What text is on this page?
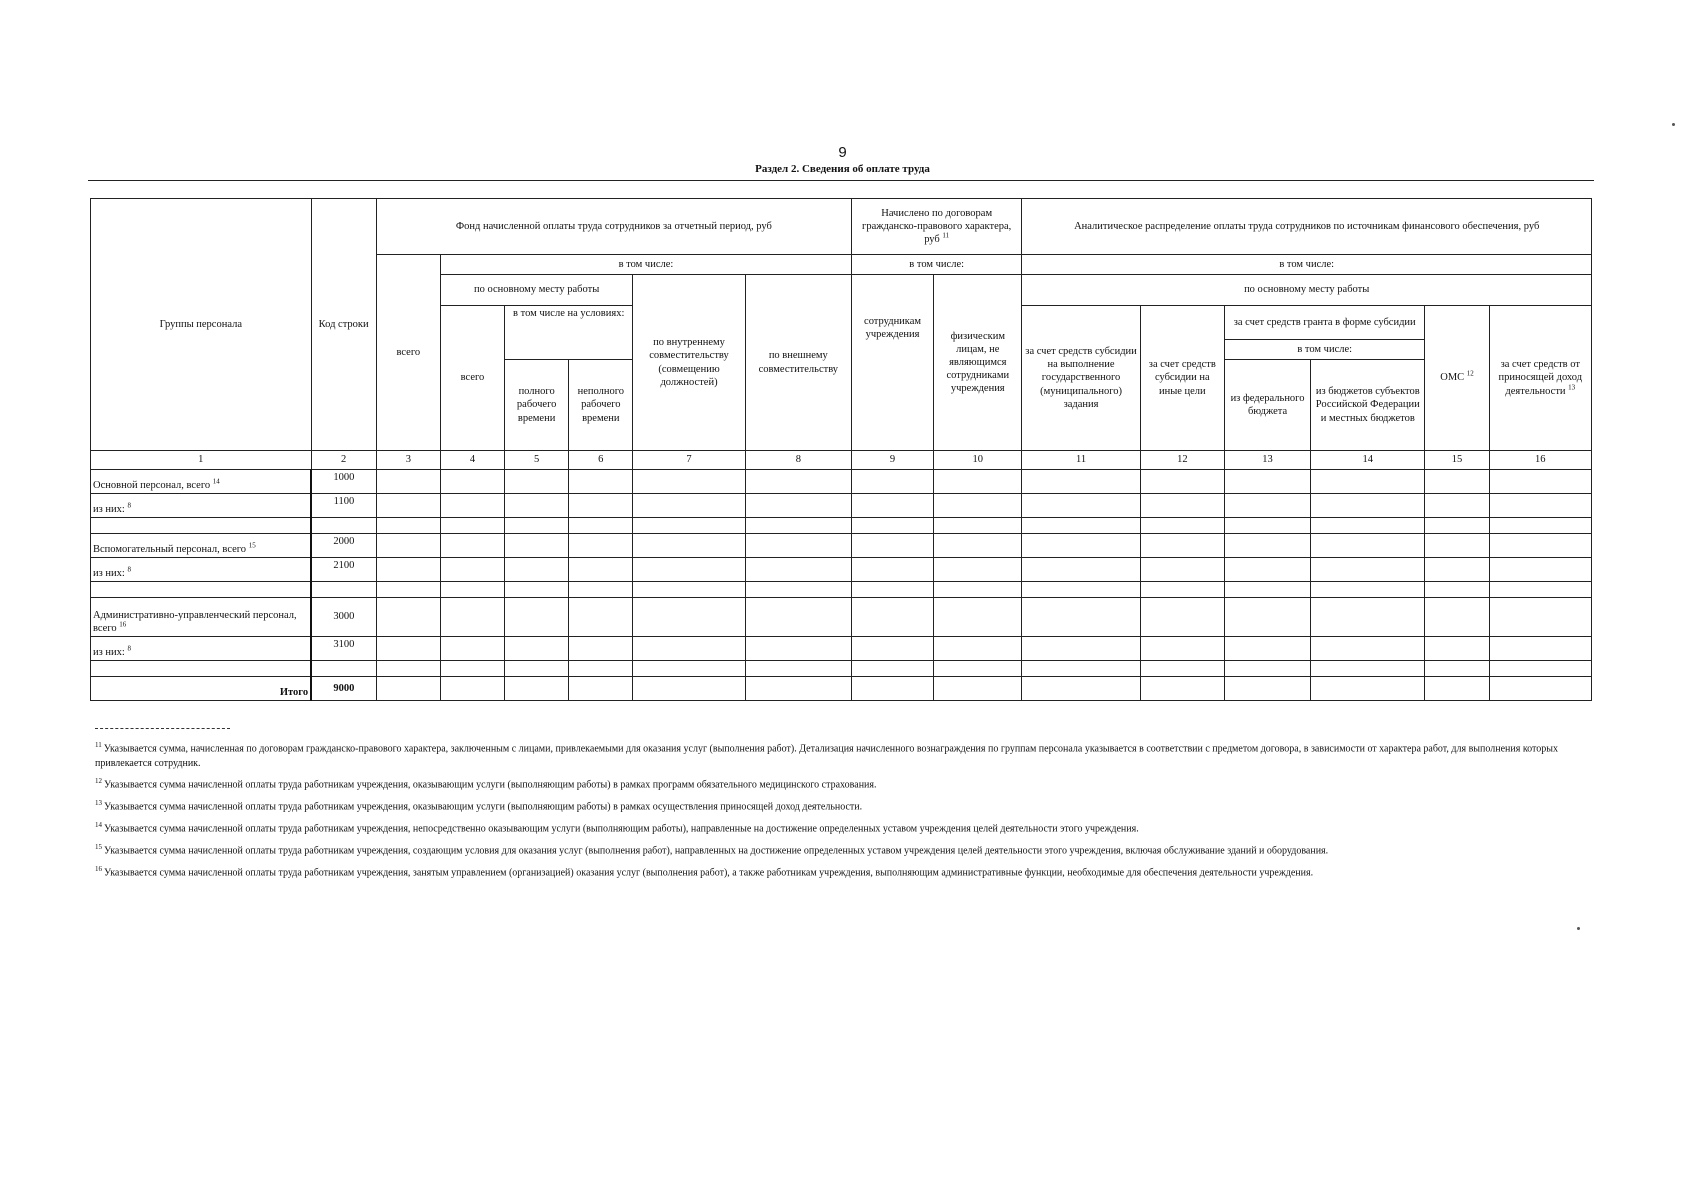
9
Раздел 2. Сведения об оплате труда
Группы персонала	Код строки	Фонд начисленной оплаты труда сотрудников за отчетный период, руб						Начислено по договорам гражданско-правового характера, руб $^{11}$		Аналитическое распределение оплаты труда сотрудников по источникам финансового обеспечения, руб					
		всего	в том числе:					в том числе:		в том числе:					
			по основному месту работы			по внутреннему совместительству (совмещению должностей)	по внешнему совместительству	сотрудникам учреждения	физическим лицам, не являющимся сотрудниками учреждения	по основному месту работы					
			всего	в том числе на условиях:						за счет средств субсидии на выполнение государственного (муниципального) задания	за счет средств субсидии на иные цели	за счет средств гранта в форме субсидии		ОМС $^{12}$	за счет средств от приносящей доход деятельности $^{13}$
												в том числе:			
				полного рабочего времени	неполного рабочего времени							из федерального бюджета	из бюджетов субъектов Российской Федерации и местных бюджетов		

1	2	3	4	5	6	7	8	9	10	11	12	13	14	15	16
Основной персонал, всего $^{14}$	1000														
из них: $^8$	1100														

Вспомогательный персонал, всего $^{15}$	2000														
из них: $^8$	2100														

Административно-управленческий персонал, всего $^{16}$	3000														
из них: $^8$	3100														

Итого	9000														

$^{11}$ Указывается сумма, начисленная по договорам гражданско-правового характера, заключенным с лицами, привлекаемыми для оказания услуг (выполнения работ). Детализация начисленного вознаграждения по группам персонала указывается в соответствии с предметом договора, в зависимости от характера работ, для выполнения которых привлекается сотрудник.

$^{12}$ Указывается сумма начисленной оплаты труда работникам учреждения, оказывающим услуги (выполняющим работы) в рамках программ обязательного медицинского страхования.

$^{13}$ Указывается сумма начисленной оплаты труда работникам учреждения, оказывающим услуги (выполняющим работы) в рамках осуществления приносящей доход деятельности.

$^{14}$ Указывается сумма начисленной оплаты труда работникам учреждения, непосредственно оказывающим услуги (выполняющим работы), направленные на достижение определенных уставом учреждения целей деятельности этого учреждения.

$^{15}$ Указывается сумма начисленной оплаты труда работникам учреждения, создающим условия для оказания услуг (выполнения работ), направленных на достижение определенных уставом учреждения целей деятельности этого учреждения, включая обслуживание зданий и оборудования.

$^{16}$ Указывается сумма начисленной оплаты труда работникам учреждения, занятым управлением (организацией) оказания услуг (выполнения работ), а также работникам учреждения, выполняющим административные функции, необходимые для обеспечения деятельности учреждения.
